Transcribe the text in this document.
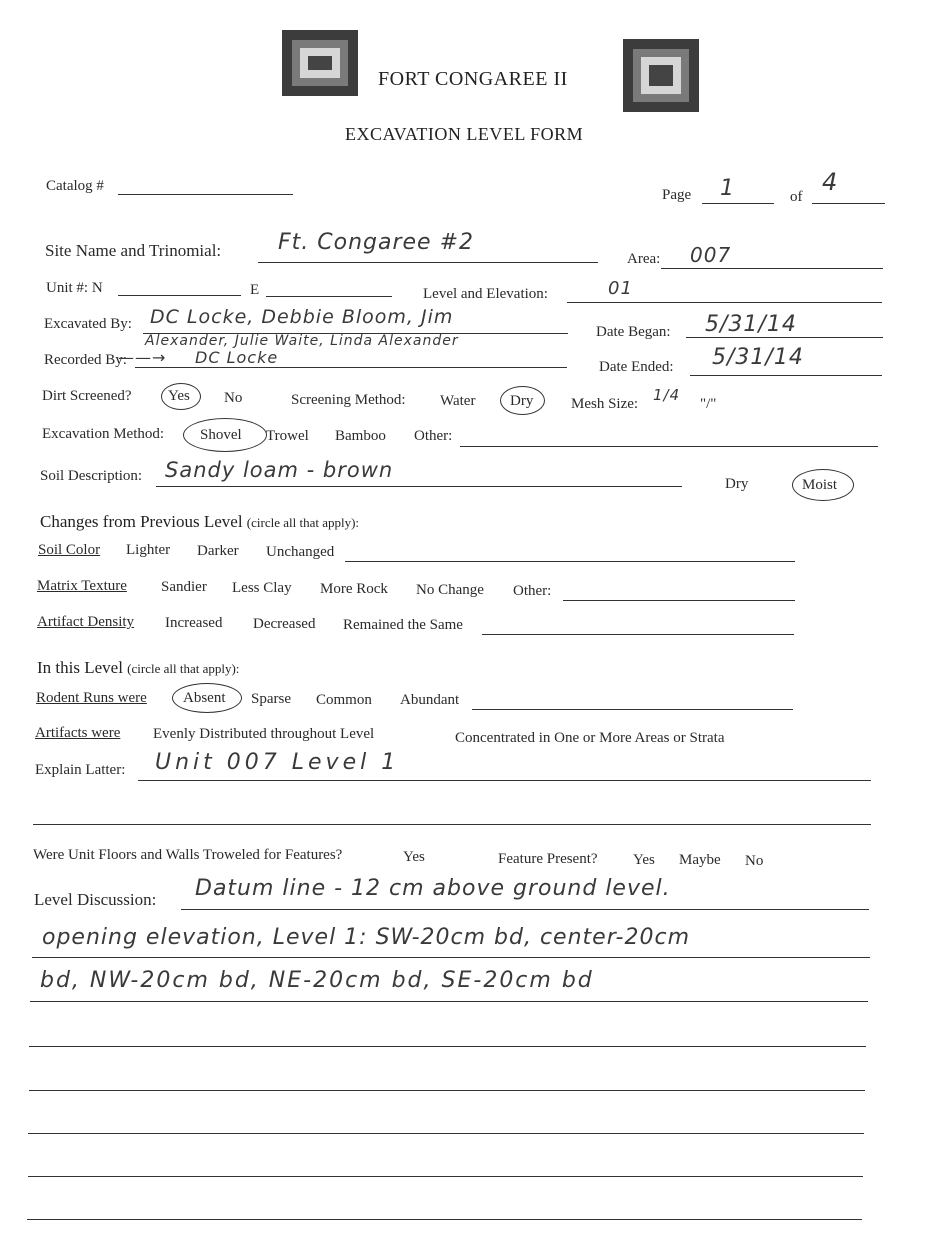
FORT CONGAREE II
EXCAVATION LEVEL FORM
Catalog #
Page 1	of
4
Site Name and Trinomial:	Ft. Congaree #2
Area: 007
Unit #: N	E	Level and Elevation:	01
Excavated By: DC Locke, Debbie Bloom, Jim
Alexander, Julie Waite, Linda Alexander
Date Began: 5/31/14
Recorded By:
——→ DC Locke	Date Ended: 5/31/14
Dirt Screened? Yes No	Screening Method: Water Dry	Mesh Size: 1/4 "/"
Excavation Method: Shovel Trowel Bamboo Other:
Soil Description: Sandy loam - brown
Dry	Moist
Changes from Previous Level (circle all that apply):
Soil Color Lighter Darker Unchanged
Matrix Texture Sandier Less Clay More Rock No Change Other:
Artifact Density Increased Decreased Remained the Same
In this Level (circle all that apply):
Rodent Runs were Absent Sparse Common Abundant
Artifacts were Evenly Distributed throughout Level	Concentrated in One or More Areas or Strata
Explain Latter: Unit 007 Level 1
Were Unit Floors and Walls Troweled for Features?	Yes	Feature Present? Yes Maybe No
Level Discussion: Datum line - 12 cm above ground level.
opening elevation, Level 1: SW-20cm bd, center-20cm
bd, NW-20cm bd, NE-20cm bd, SE-20cm bd
